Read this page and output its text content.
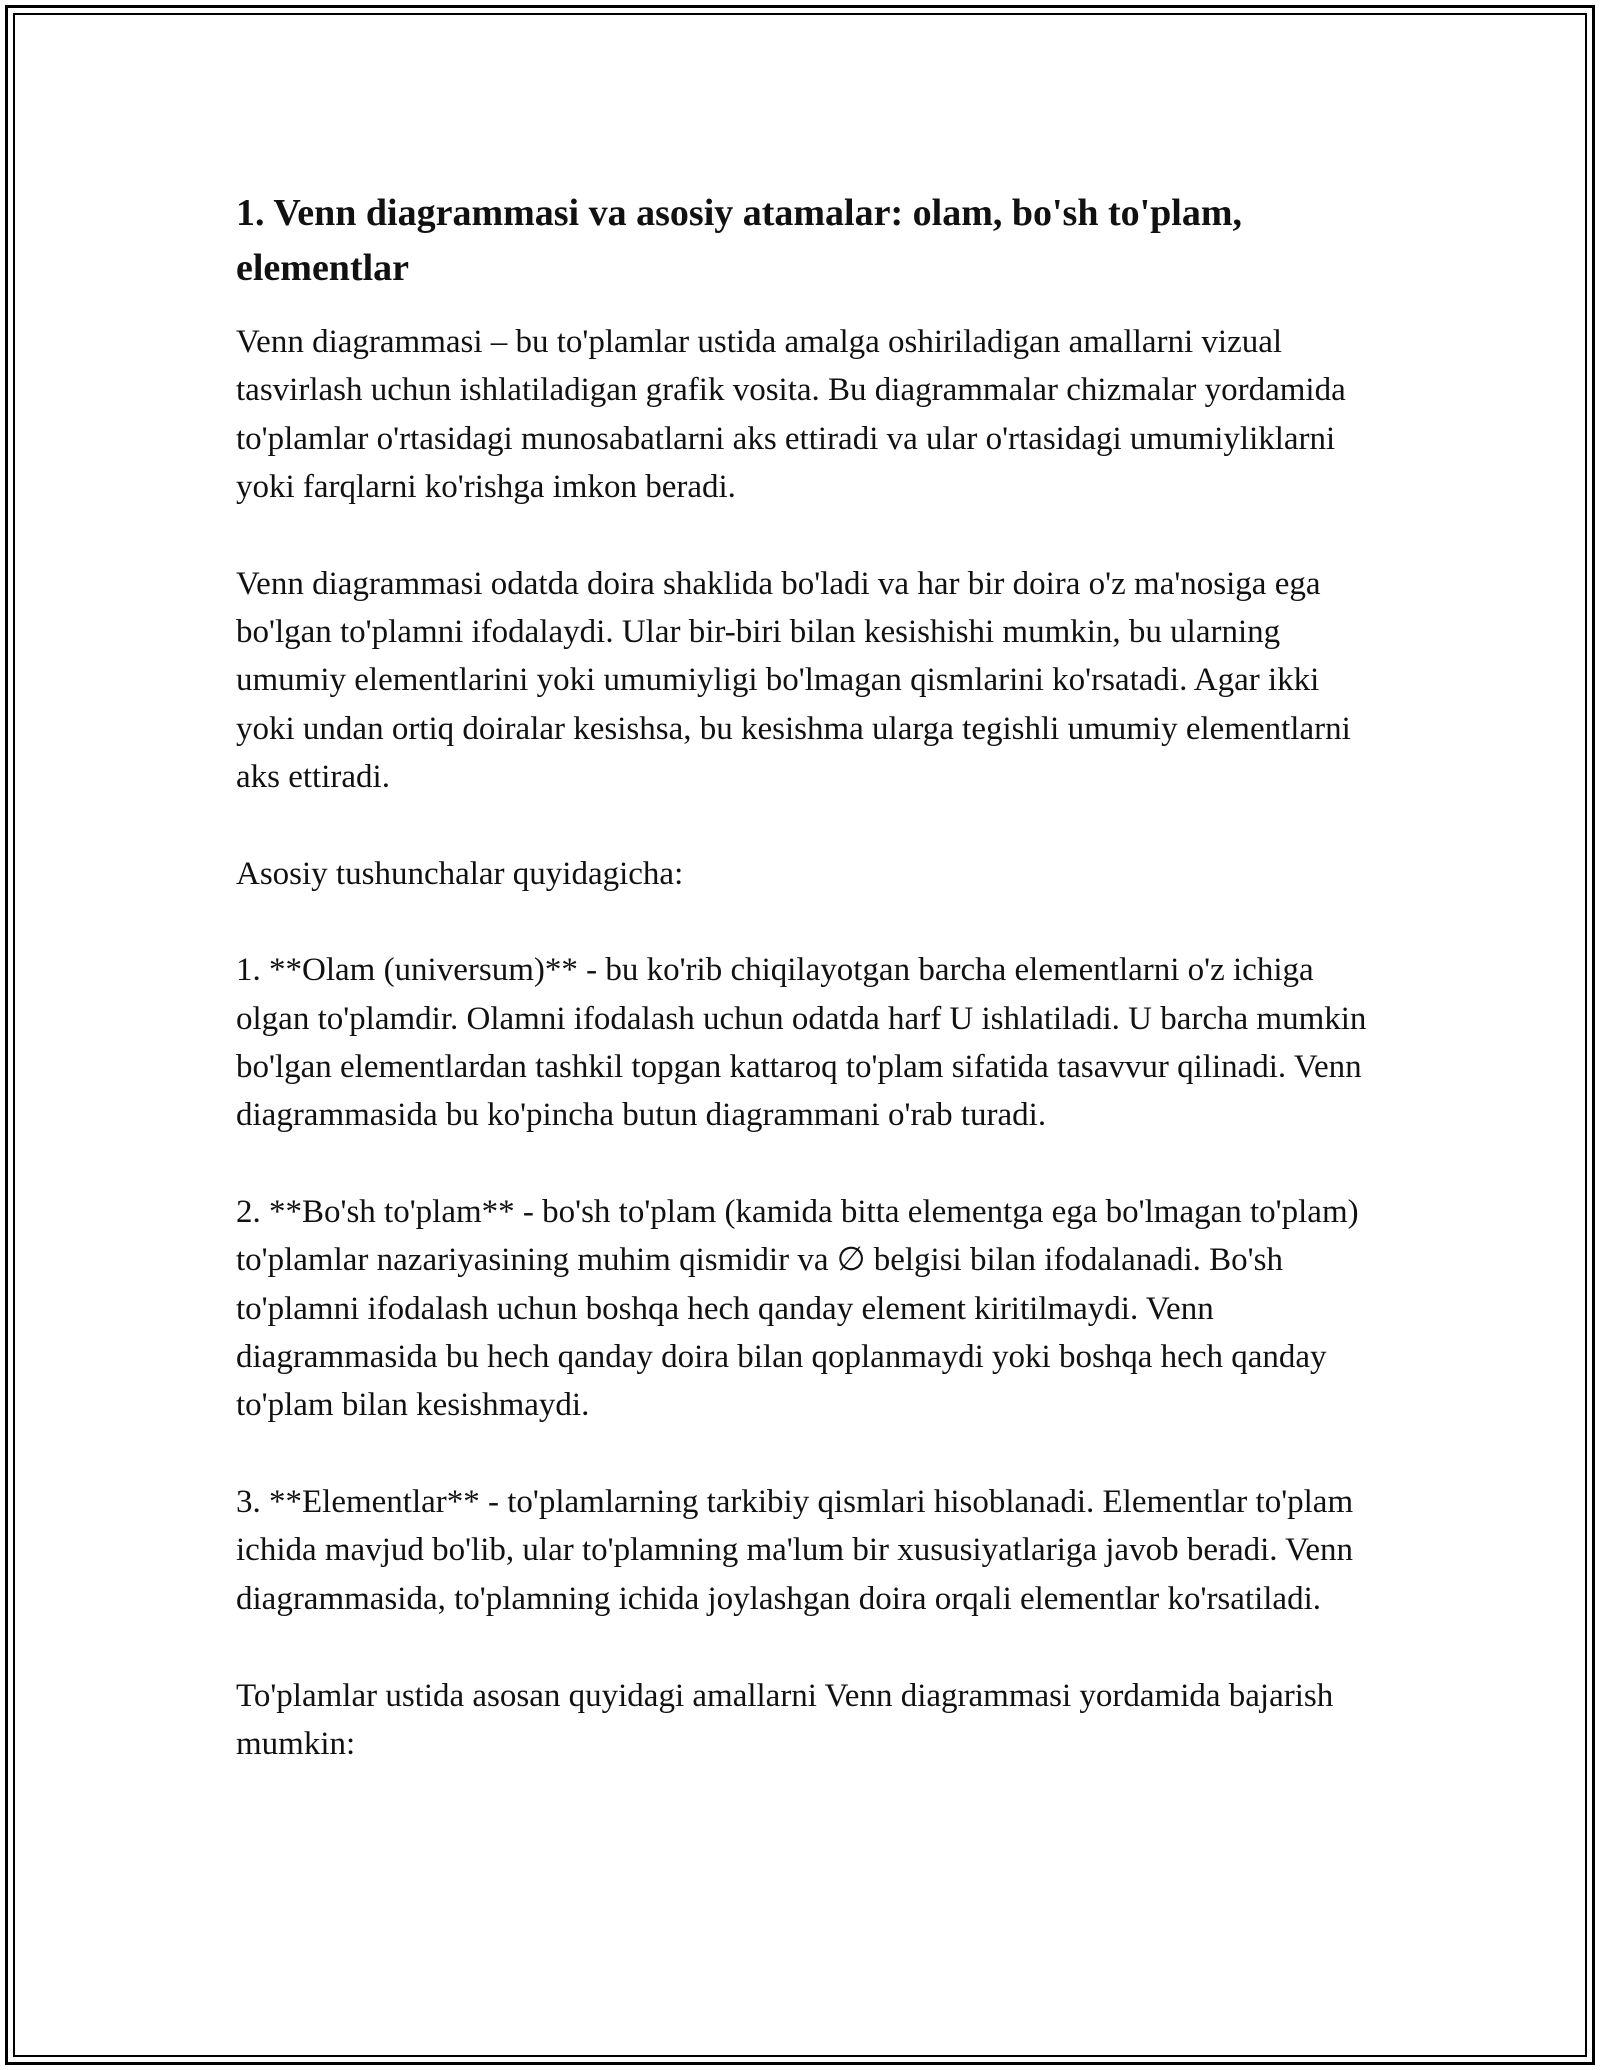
1. Venn diagrammasi va asosiy atamalar: olam, bo'sh to'plam, elementlar

Venn diagrammasi – bu to'plamlar ustida amalga oshiriladigan amallarni vizual tasvirlash uchun ishlatiladigan grafik vosita. Bu diagrammalar chizmalar yordamida to'plamlar o'rtasidagi munosabatlarni aks ettiradi va ular o'rtasidagi umumiyliklarni yoki farqlarni ko'rishga imkon beradi.

Venn diagrammasi odatda doira shaklida bo'ladi va har bir doira o'z ma'nosiga ega bo'lgan to'plamni ifodalaydi. Ular bir-biri bilan kesishishi mumkin, bu ularning umumiy elementlarini yoki umumiyligi bo'lmagan qismlarini ko'rsatadi. Agar ikki yoki undan ortiq doiralar kesishsa, bu kesishma ularga tegishli umumiy elementlarni aks ettiradi.

Asosiy tushunchalar quyidagicha:

1. **Olam (universum)** - bu ko'rib chiqilayotgan barcha elementlarni o'z ichiga olgan to'plamdir. Olamni ifodalash uchun odatda harf U ishlatiladi. U barcha mumkin bo'lgan elementlardan tashkil topgan kattaroq to'plam sifatida tasavvur qilinadi. Venn diagrammasida bu ko'pincha butun diagrammani o'rab turadi.

2. **Bo'sh to'plam** - bo'sh to'plam (kamida bitta elementga ega bo'lmagan to'plam) to'plamlar nazariyasining muhim qismidir va ∅ belgisi bilan ifodalanadi. Bo'sh to'plamni ifodalash uchun boshqa hech qanday element kiritilmaydi. Venn diagrammasida bu hech qanday doira bilan qoplanmaydi yoki boshqa hech qanday to'plam bilan kesishmaydi.

3. **Elementlar** - to'plamlarning tarkibiy qismlari hisoblanadi. Elementlar to'plam ichida mavjud bo'lib, ular to'plamning ma'lum bir xususiyatlariga javob beradi. Venn diagrammasida, to'plamning ichida joylashgan doira orqali elementlar ko'rsatiladi.

To'plamlar ustida asosan quyidagi amallarni Venn diagrammasi yordamida bajarish mumkin:
